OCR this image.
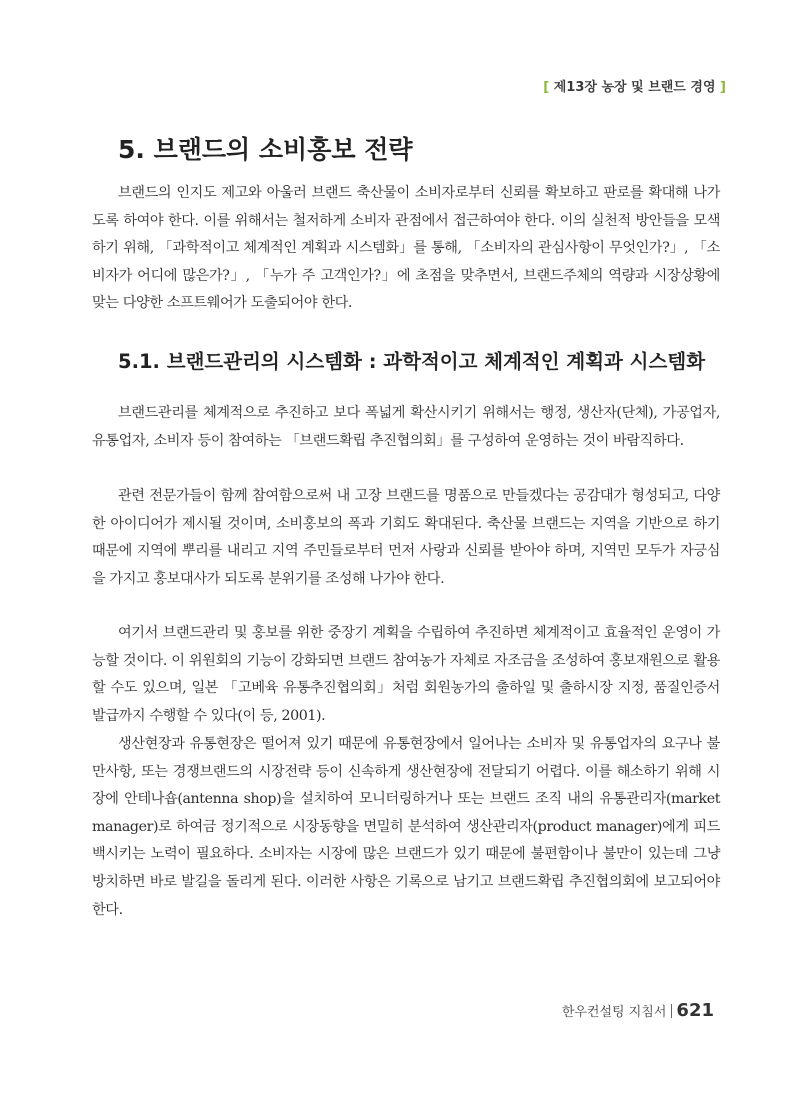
[ 제13장 농장 및 브랜드 경영 ]
5. 브랜드의 소비홍보 전략

브랜드의 인지도 제고와 아울러 브랜드 축산물이 소비자로부터 신뢰를 확보하고 판로를 확대해 나가도록 하여야 한다. 이를 위해서는 철저하게 소비자 관점에서 접근하여야 한다. 이의 실천적 방안들을 모색하기 위해, 「과학적이고 체계적인 계획과 시스템화」를 통해, 「소비자의 관심사항이 무엇인가?」, 「소비자가 어디에 많은가?」, 「누가 주 고객인가?」에 초점을 맞추면서, 브랜드주체의 역량과 시장상황에 맞는 다양한 소프트웨어가 도출되어야 한다.

5.1. 브랜드관리의 시스템화 : 과학적이고 체계적인 계획과 시스템화

브랜드관리를 체계적으로 추진하고 보다 폭넓게 확산시키기 위해서는 행정, 생산자(단체), 가공업자, 유통업자, 소비자 등이 참여하는 「브랜드확립 추진협의회」를 구성하여 운영하는 것이 바람직하다.

관련 전문가들이 함께 참여함으로써 내 고장 브랜드를 명품으로 만들겠다는 공감대가 형성되고, 다양한 아이디어가 제시될 것이며, 소비홍보의 폭과 기회도 확대된다. 축산물 브랜드는 지역을 기반으로 하기 때문에 지역에 뿌리를 내리고 지역 주민들로부터 먼저 사랑과 신뢰를 받아야 하며, 지역민 모두가 자긍심을 가지고 홍보대사가 되도록 분위기를 조성해 나가야 한다.

여기서 브랜드관리 및 홍보를 위한 중장기 계획을 수립하여 추진하면 체계적이고 효율적인 운영이 가능할 것이다. 이 위원회의 기능이 강화되면 브랜드 참여농가 자체로 자조금을 조성하여 홍보재원으로 활용할 수도 있으며, 일본 「고베육 유통추진협의회」처럼 회원농가의 출하일 및 출하시장 지정, 품질인증서 발급까지 수행할 수 있다(이 등, 2001).

생산현장과 유통현장은 떨어져 있기 때문에 유통현장에서 일어나는 소비자 및 유통업자의 요구나 불만사항, 또는 경쟁브랜드의 시장전략 등이 신속하게 생산현장에 전달되기 어렵다. 이를 해소하기 위해 시장에 안테나숍(antenna shop)을 설치하여 모니터링하거나 또는 브랜드 조직 내의 유통관리자(market manager)로 하여금 정기적으로 시장동향을 면밀히 분석하여 생산관리자(product manager)에게 피드백시키는 노력이 필요하다. 소비자는 시장에 많은 브랜드가 있기 때문에 불편함이나 불만이 있는데 그냥 방치하면 바로 발길을 돌리게 된다. 이러한 사항은 기록으로 남기고 브랜드확립 추진협의회에 보고되어야 한다.

한우컨설팅 지침서 621
